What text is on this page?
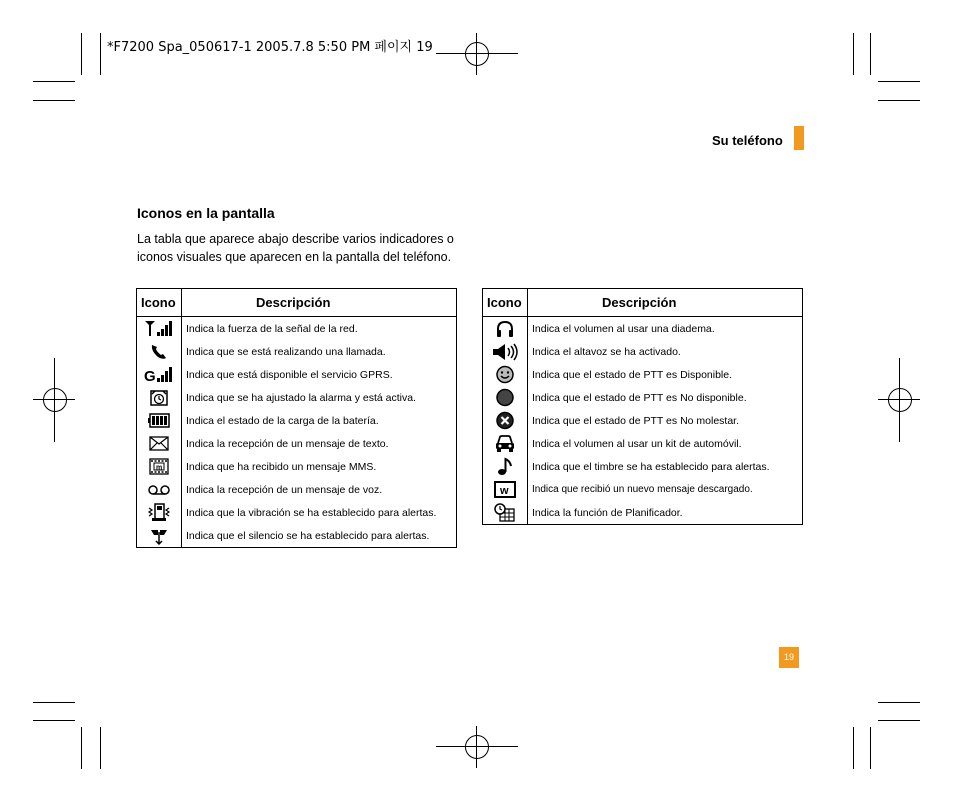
*F7200 Spa_050617-1 2005.7.8 5:50 PM 페이지 19
Su teléfono
Iconos en la pantalla
La tabla que aparece abajo describe varios indicadores o iconos visuales que aparecen en la pantalla del teléfono.
Icono	Descripción

	Indica la fuerza de la señal de la red.

	Indica que se está realizando una llamada.

G	Indica que está disponible el servicio GPRS.

	Indica que se ha ajustado la alarma y está activa.

	Indica el estado de la carga de la batería.

	Indica la recepción de un mensaje de texto.

m	Indica que ha recibido un mensaje MMS.

	Indica la recepción de un mensaje de voz.

	Indica que la vibración se ha establecido para alertas.

	Indica que el silencio se ha establecido para alertas.
Icono	Descripción

	Indica el volumen al usar una diadema.

	Indica el altavoz se ha activado.

	Indica que el estado de PTT es Disponible.

	Indica que el estado de PTT es No disponible.

	Indica que el estado de PTT es No molestar.

	Indica el volumen al usar un kit de automóvil.

	Indica que el timbre se ha establecido para alertas.

w	Indica que recibió un nuevo mensaje descargado.

	Indica la función de Planificador.
19
